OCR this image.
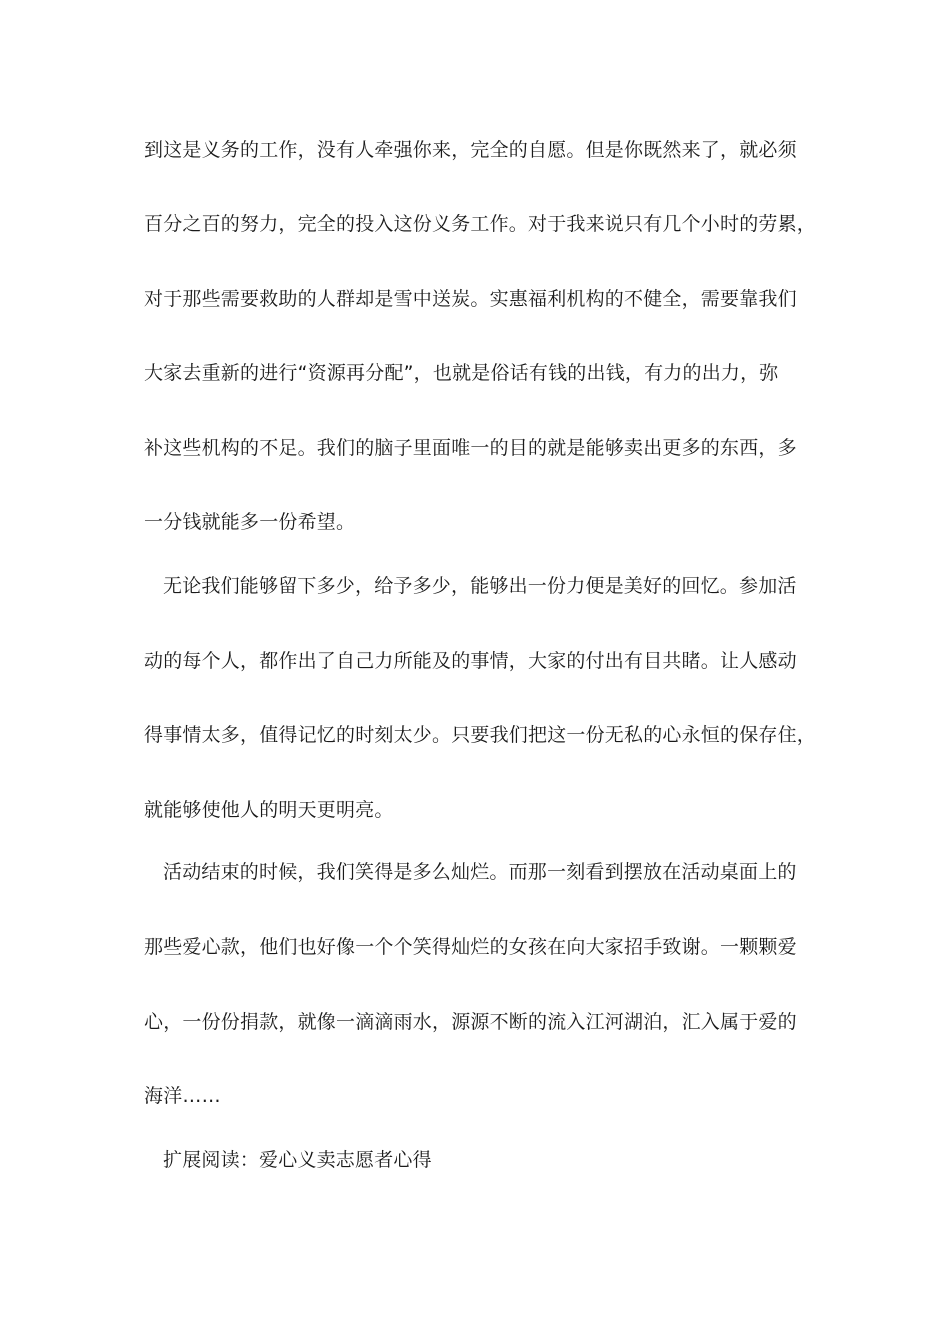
到这是义务的工作，没有人牵强你来，完全的自愿。但是你既然来了，就必须
百分之百的努力，完全的投入这份义务工作。对于我来说只有几个小时的劳累，
对于那些需要救助的人群却是雪中送炭。实惠福利机构的不健全，需要靠我们
大家去重新的进行“资源再分配”，也就是俗话有钱的出钱，有力的出力，弥
补这些机构的不足。我们的脑子里面唯一的目的就是能够卖出更多的东西，多
一分钱就能多一份希望。
无论我们能够留下多少，给予多少，能够出一份力便是美好的回忆。参加活
动的每个人，都作出了自己力所能及的事情，大家的付出有目共睹。让人感动
得事情太多，值得记忆的时刻太少。只要我们把这一份无私的心永恒的保存住，
就能够使他人的明天更明亮。
活动结束的时候，我们笑得是多么灿烂。而那一刻看到摆放在活动桌面上的
那些爱心款，他们也好像一个个笑得灿烂的女孩在向大家招手致谢。一颗颗爱
心，一份份捐款，就像一滴滴雨水，源源不断的流入江河湖泊，汇入属于爱的
海洋……
扩展阅读：爱心义卖志愿者心得
